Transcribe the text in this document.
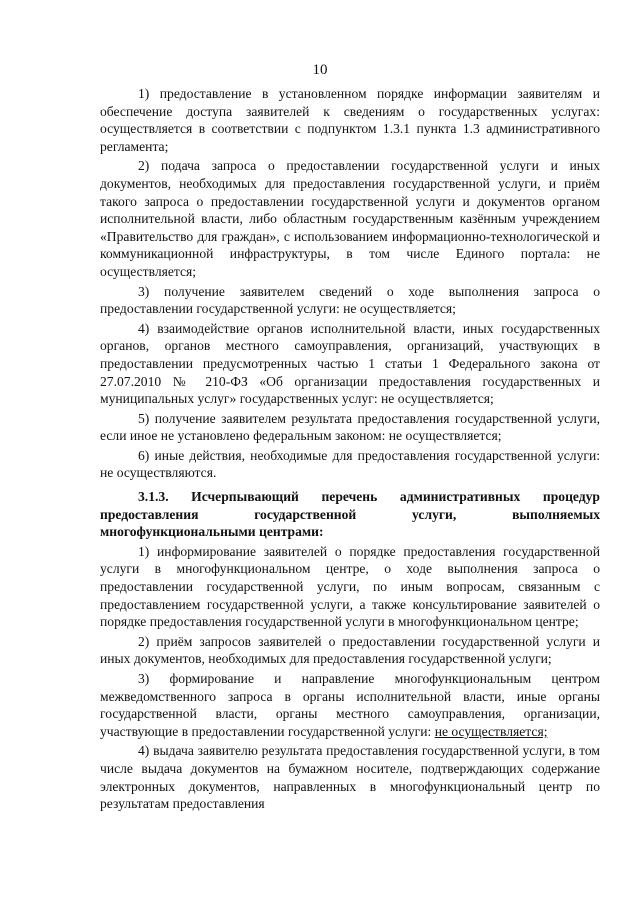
10

1) предоставление в установленном порядке информации заявителям и обеспечение доступа заявителей к сведениям о государственных услугах: осуществляется в соответствии с подпунктом 1.3.1 пункта 1.3 административного регламента;

2) подача запроса о предоставлении государственной услуги и иных документов, необходимых для предоставления государственной услуги, и приём такого запроса о предоставлении государственной услуги и документов органом исполнительной власти, либо областным государственным казённым учреждением «Правительство для граждан», с использованием информационно-технологической и коммуникационной инфраструктуры, в том числе Единого портала: не осуществляется;

3) получение заявителем сведений о ходе выполнения запроса о предоставлении государственной услуги: не осуществляется;

4) взаимодействие органов исполнительной власти, иных государственных органов, органов местного самоуправления, организаций, участвующих в предоставлении предусмотренных частью 1 статьи 1 Федерального закона от 27.07.2010 № 210-ФЗ «Об организации предоставления государственных и муниципальных услуг» государственных услуг: не осуществляется;

5) получение заявителем результата предоставления государственной услуги, если иное не установлено федеральным законом: не осуществляется;

6) иные действия, необходимые для предоставления государственной услуги: не осуществляются.

3.1.3. Исчерпывающий перечень административных процедур предоставления государственной услуги, выполняемых многофункциональными центрами:

1) информирование заявителей о порядке предоставления государственной услуги в многофункциональном центре, о ходе выполнения запроса о предоставлении государственной услуги, по иным вопросам, связанным с предоставлением государственной услуги, а также консультирование заявителей о порядке предоставления государственной услуги в многофункциональном центре;

2) приём запросов заявителей о предоставлении государственной услуги и иных документов, необходимых для предоставления государственной услуги;

3) формирование и направление многофункциональным центром межведомственного запроса в органы исполнительной власти, иные органы государственной власти, органы местного самоуправления, организации, участвующие в предоставлении государственной услуги: не осуществляется;

4) выдача заявителю результата предоставления государственной услуги, в том числе выдача документов на бумажном носителе, подтверждающих содержание электронных документов, направленных в многофункциональный центр по результатам предоставления
